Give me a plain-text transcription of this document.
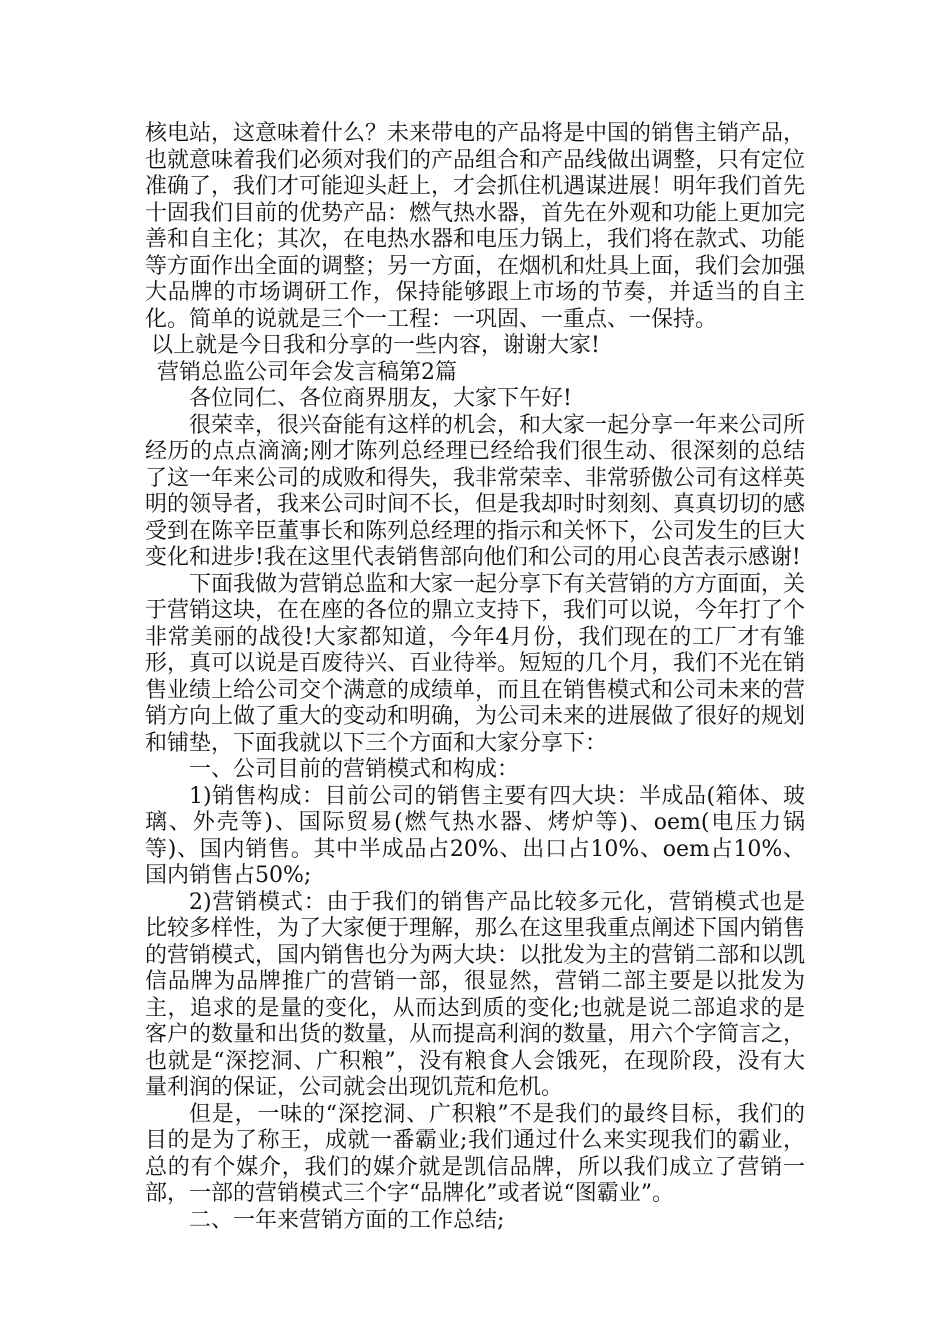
核电站，这意味着什么？未来带电的产品将是中国的销售主销产品，也就意味着我们必须对我们的产品组合和产品线做出调整，只有定位准确了，我们才可能迎头赶上，才会抓住机遇谋进展！明年我们首先十固我们目前的优势产品：燃气热水器，首先在外观和功能上更加完善和自主化；其次，在电热水器和电压力锅上，我们将在款式、功能等方面作出全面的调整；另一方面，在烟机和灶具上面，我们会加强大品牌的市场调研工作，保持能够跟上市场的节奏，并适当的自主化。简单的说就是三个一工程：一巩固、一重点、一保持。

以上就是今日我和分享的一些内容，谢谢大家!

营销总监公司年会发言稿第2篇

各位同仁、各位商界朋友，大家下午好!

很荣幸，很兴奋能有这样的机会，和大家一起分享一年来公司所经历的点点滴滴;刚才陈列总经理已经给我们很生动、很深刻的总结了这一年来公司的成败和得失，我非常荣幸、非常骄傲公司有这样英明的领导者，我来公司时间不长，但是我却时时刻刻、真真切切的感受到在陈辛臣董事长和陈列总经理的指示和关怀下，公司发生的巨大变化和进步!我在这里代表销售部向他们和公司的用心良苦表示感谢!

下面我做为营销总监和大家一起分享下有关营销的方方面面，关于营销这块，在在座的各位的鼎立支持下，我们可以说，今年打了个非常美丽的战役!大家都知道，今年4月份，我们现在的工厂才有雏形，真可以说是百废待兴、百业待举。短短的几个月，我们不光在销售业绩上给公司交个满意的成绩单，而且在销售模式和公司未来的营销方向上做了重大的变动和明确，为公司未来的进展做了很好的规划和铺垫，下面我就以下三个方面和大家分享下：

一、公司目前的营销模式和构成：

1)销售构成：目前公司的销售主要有四大块：半成品(箱体、玻璃、外壳等)、国际贸易(燃气热水器、烤炉等)、oem(电压力锅等)、国内销售。其中半成品占20%、出口占10%、oem占10%、国内销售占50%;

2)营销模式：由于我们的销售产品比较多元化，营销模式也是比较多样性，为了大家便于理解，那么在这里我重点阐述下国内销售的营销模式，国内销售也分为两大块：以批发为主的营销二部和以凯信品牌为品牌推广的营销一部，很显然，营销二部主要是以批发为主，追求的是量的变化，从而达到质的变化;也就是说二部追求的是客户的数量和出货的数量，从而提高利润的数量，用六个字简言之，也就是“深挖洞、广积粮”，没有粮食人会饿死，在现阶段，没有大量利润的保证，公司就会出现饥荒和危机。

但是，一味的“深挖洞、广积粮”不是我们的最终目标，我们的目的是为了称王，成就一番霸业;我们通过什么来实现我们的霸业，总的有个媒介，我们的媒介就是凯信品牌，所以我们成立了营销一部，一部的营销模式三个字“品牌化”或者说“图霸业”。

二、一年来营销方面的工作总结;
